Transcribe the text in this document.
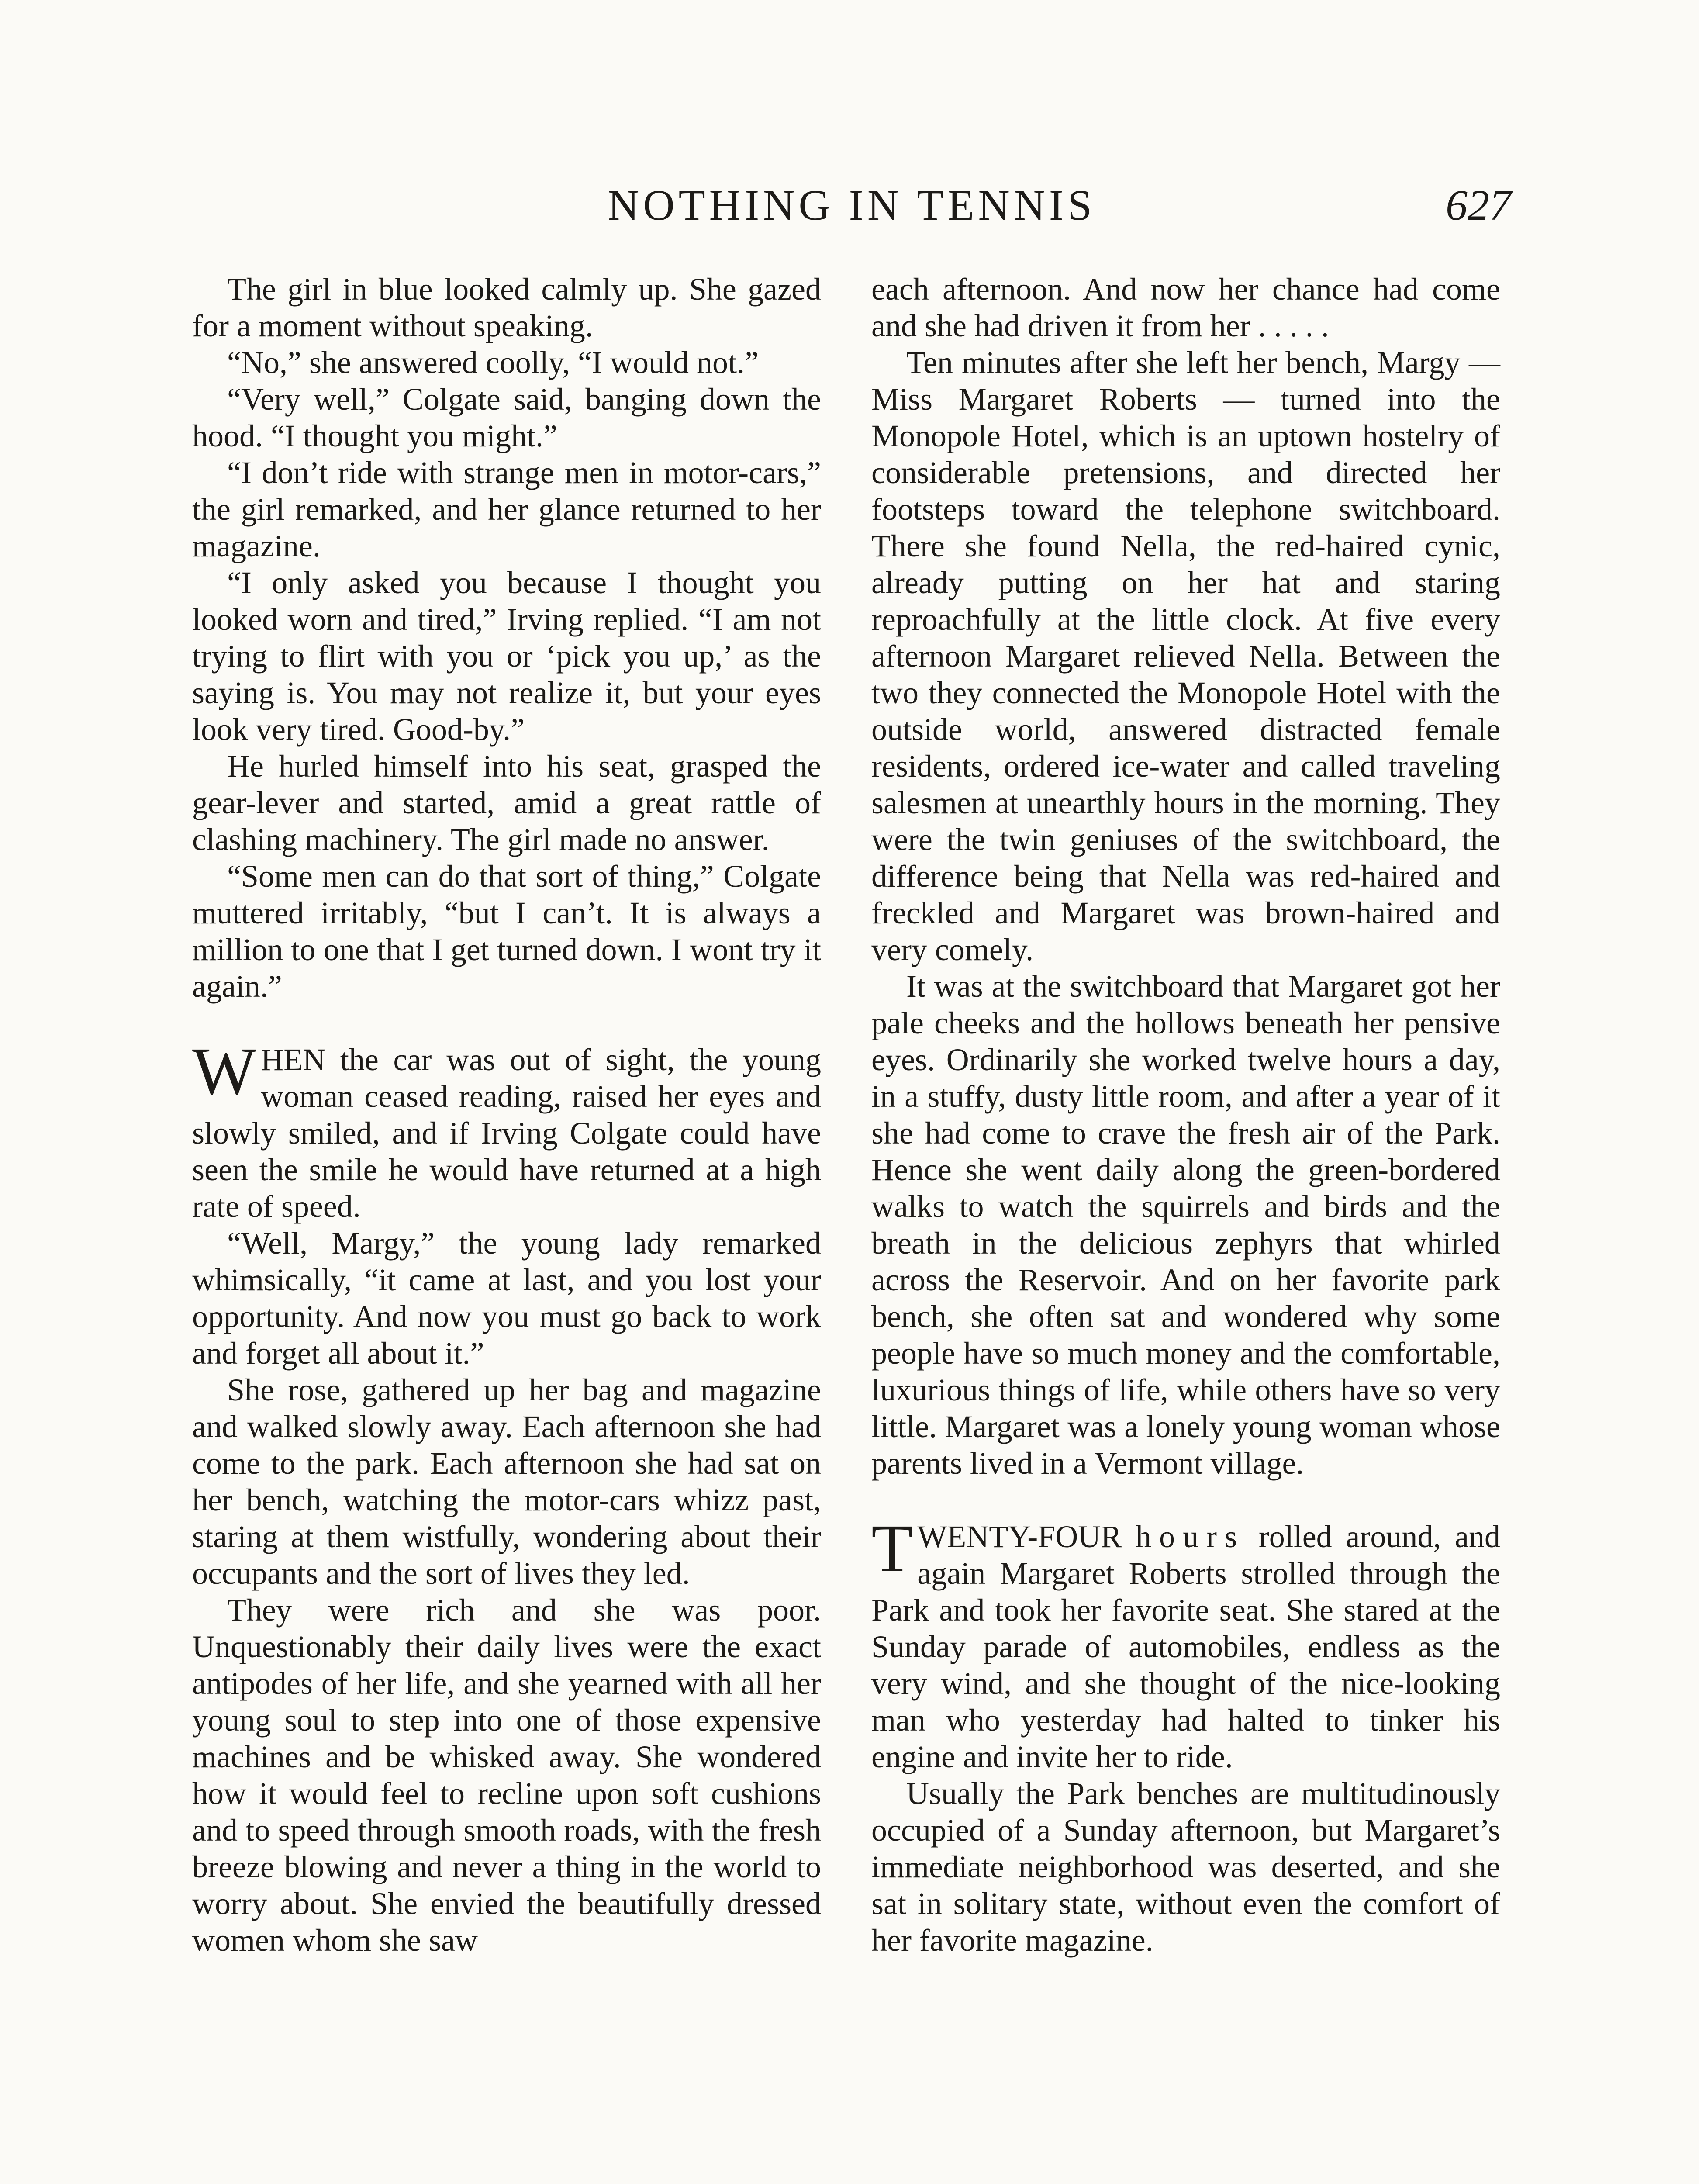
NOTHING IN TENNIS	627

The girl in blue looked calmly up. She gazed for a moment without speaking.

“No,” she answered coolly, “I would not.”

“Very well,” Colgate said, banging down the hood. “I thought you might.”

“I don’t ride with strange men in motor-cars,” the girl remarked, and her glance returned to her magazine.

“I only asked you because I thought you looked worn and tired,” Irving replied. “I am not trying to flirt with you or ‘pick you up,’ as the saying is. You may not realize it, but your eyes look very tired. Good-by.”

He hurled himself into his seat, grasped the gear-lever and started, amid a great rattle of clashing machinery. The girl made no answer.

“Some men can do that sort of thing,” Colgate muttered irritably, “but I can’t. It is always a million to one that I get turned down. I wont try it again.”

WHEN the car was out of sight, the young woman ceased reading, raised her eyes and slowly smiled, and if Irving Colgate could have seen the smile he would have returned at a high rate of speed.

“Well, Margy,” the young lady remarked whimsically, “it came at last, and you lost your opportunity. And now you must go back to work and forget all about it.”

She rose, gathered up her bag and magazine and walked slowly away. Each afternoon she had come to the park. Each afternoon she had sat on her bench, watching the motor-cars whizz past, staring at them wistfully, wondering about their occupants and the sort of lives they led.

They were rich and she was poor. Unquestionably their daily lives were the exact antipodes of her life, and she yearned with all her young soul to step into one of those expensive machines and be whisked away. She wondered how it would feel to recline upon soft cushions and to speed through smooth roads, with the fresh breeze blowing and never a thing in the world to worry about. She envied the beautifully dressed women whom she saw

each afternoon. And now her chance had come and she had driven it from her . . . . .

Ten minutes after she left her bench, Margy — Miss Margaret Roberts — turned into the Monopole Hotel, which is an uptown hostelry of considerable pretensions, and directed her footsteps toward the telephone switchboard. There she found Nella, the red-haired cynic, already putting on her hat and staring reproachfully at the little clock. At five every afternoon Margaret relieved Nella. Between the two they connected the Monopole Hotel with the outside world, answered distracted female residents, ordered ice-water and called traveling salesmen at unearthly hours in the morning. They were the twin geniuses of the switchboard, the difference being that Nella was red-haired and freckled and Margaret was brown-haired and very comely.

It was at the switchboard that Margaret got her pale cheeks and the hollows beneath her pensive eyes. Ordinarily she worked twelve hours a day, in a stuffy, dusty little room, and after a year of it she had come to crave the fresh air of the Park. Hence she went daily along the green-bordered walks to watch the squirrels and birds and the breath in the delicious zephyrs that whirled across the Reservoir. And on her favorite park bench, she often sat and wondered why some people have so much money and the comfortable, luxurious things of life, while others have so very little. Margaret was a lonely young woman whose parents lived in a Vermont village.

TWENTY-FOUR hours rolled around, and again Margaret Roberts strolled through the Park and took her favorite seat. She stared at the Sunday parade of automobiles, endless as the very wind, and she thought of the nice-looking man who yesterday had halted to tinker his engine and invite her to ride.

Usually the Park benches are multitudinously occupied of a Sunday afternoon, but Margaret’s immediate neighborhood was deserted, and she sat in solitary state, without even the comfort of her favorite magazine.
